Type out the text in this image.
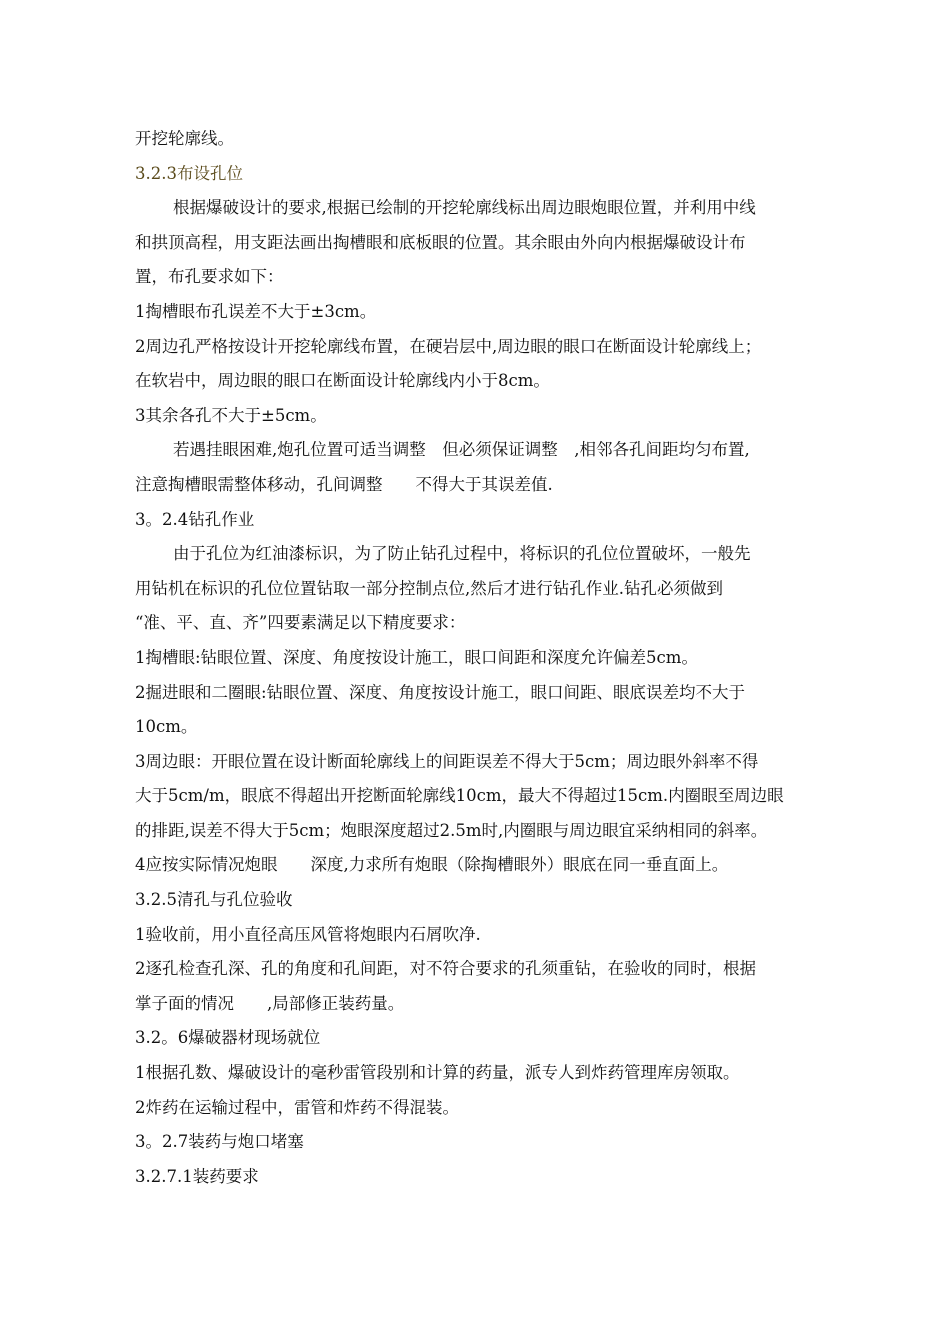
开挖轮廓线。
3.2.3布设孔位
根据爆破设计的要求,根据已绘制的开挖轮廓线标出周边眼炮眼位置，并利用中线
和拱顶高程，用支距法画出掏槽眼和底板眼的位置。其余眼由外向内根据爆破设计布
置，布孔要求如下：
1掏槽眼布孔误差不大于±3cm。
2周边孔严格按设计开挖轮廓线布置，在硬岩层中,周边眼的眼口在断面设计轮廓线上；
在软岩中，周边眼的眼口在断面设计轮廓线内小于8cm。
3其余各孔不大于±5cm。
若遇挂眼困难,炮孔位置可适当调整　但必须保证调整　,相邻各孔间距均匀布置,
注意掏槽眼需整体移动，孔间调整　　不得大于其误差值.
3。2.4钻孔作业
由于孔位为红油漆标识，为了防止钻孔过程中，将标识的孔位位置破坏，一般先
用钻机在标识的孔位位置钻取一部分控制点位,然后才进行钻孔作业.钻孔必须做到
“准、平、直、齐”四要素满足以下精度要求：
1掏槽眼:钻眼位置、深度、角度按设计施工，眼口间距和深度允许偏差5cm。
2掘进眼和二圈眼:钻眼位置、深度、角度按设计施工，眼口间距、眼底误差均不大于
10cm。
3周边眼：开眼位置在设计断面轮廓线上的间距误差不得大于5cm；周边眼外斜率不得
大于5cm/m，眼底不得超出开挖断面轮廓线10cm，最大不得超过15cm.内圈眼至周边眼
的排距,误差不得大于5cm；炮眼深度超过2.5m时,内圈眼与周边眼宜采纳相同的斜率。
4应按实际情况炮眼　　深度,力求所有炮眼（除掏槽眼外）眼底在同一垂直面上。
3.2.5清孔与孔位验收
1验收前，用小直径高压风管将炮眼内石屑吹净.
2逐孔检查孔深、孔的角度和孔间距，对不符合要求的孔须重钻，在验收的同时，根据
掌子面的情况　　,局部修正装药量。
3.2。6爆破器材现场就位
1根据孔数、爆破设计的毫秒雷管段别和计算的药量，派专人到炸药管理库房领取。
2炸药在运输过程中，雷管和炸药不得混装。
3。2.7装药与炮口堵塞
3.2.7.1装药要求
